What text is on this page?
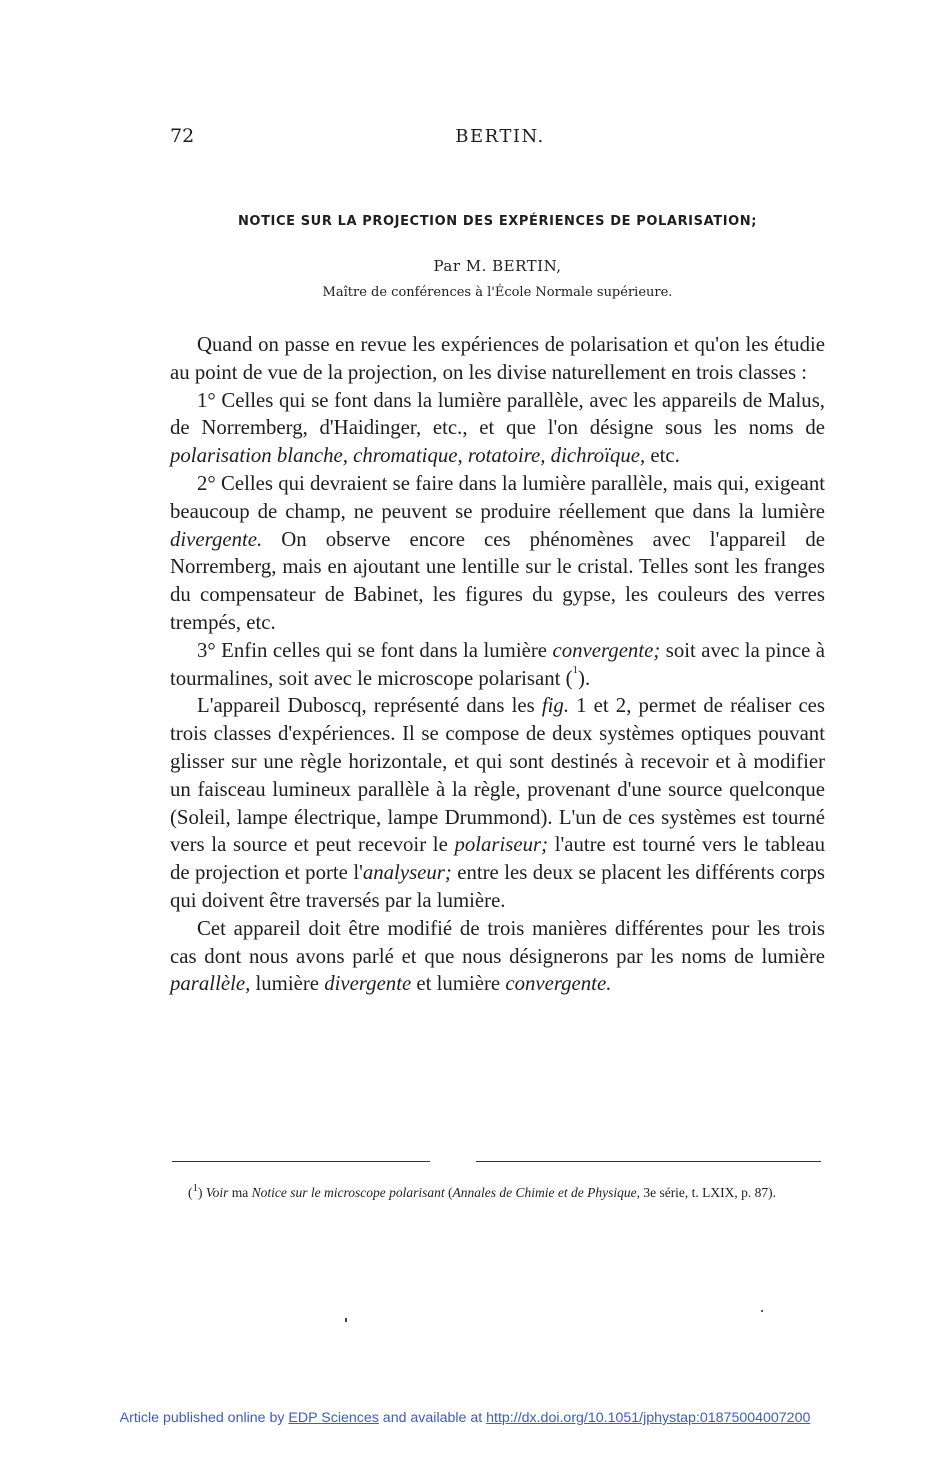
72	BERTIN.
NOTICE SUR LA PROJECTION DES EXPÉRIENCES DE POLARISATION;
Par M. BERTIN,
Maître de conférences à l'École Normale supérieure.

Quand on passe en revue les expériences de polarisation et qu'on les étudie au point de vue de la projection, on les divise naturellement en trois classes :

1° Celles qui se font dans la lumière parallèle, avec les appareils de Malus, de Norremberg, d'Haidinger, etc., et que l'on désigne sous les noms de polarisation blanche, chromatique, rotatoire, dichroïque, etc.

2° Celles qui devraient se faire dans la lumière parallèle, mais qui, exigeant beaucoup de champ, ne peuvent se produire réellement que dans la lumière divergente. On observe encore ces phénomènes avec l'appareil de Norremberg, mais en ajoutant une lentille sur le cristal. Telles sont les franges du compensateur de Babinet, les figures du gypse, les couleurs des verres trempés, etc.

3° Enfin celles qui se font dans la lumière convergente; soit avec la pince à tourmalines, soit avec le microscope polarisant ($^1$).

L'appareil Duboscq, représenté dans les fig. 1 et 2, permet de réaliser ces trois classes d'expériences. Il se compose de deux systèmes optiques pouvant glisser sur une règle horizontale, et qui sont destinés à recevoir et à modifier un faisceau lumineux parallèle à la règle, provenant d'une source quelconque (Soleil, lampe électrique, lampe Drummond). L'un de ces systèmes est tourné vers la source et peut recevoir le polariseur; l'autre est tourné vers le tableau de projection et porte l'analyseur; entre les deux se placent les différents corps qui doivent être traversés par la lumière.

Cet appareil doit être modifié de trois manières différentes pour les trois cas dont nous avons parlé et que nous désignerons par les noms de lumière parallèle, lumière divergente et lumière convergente.

($^1$) Voir ma Notice sur le microscope polarisant (Annales de Chimie et de Physique, 3e série, t. LXIX, p. 87).

Article published online by EDP Sciences and available at http://dx.doi.org/10.1051/jphystap:01875004007200
